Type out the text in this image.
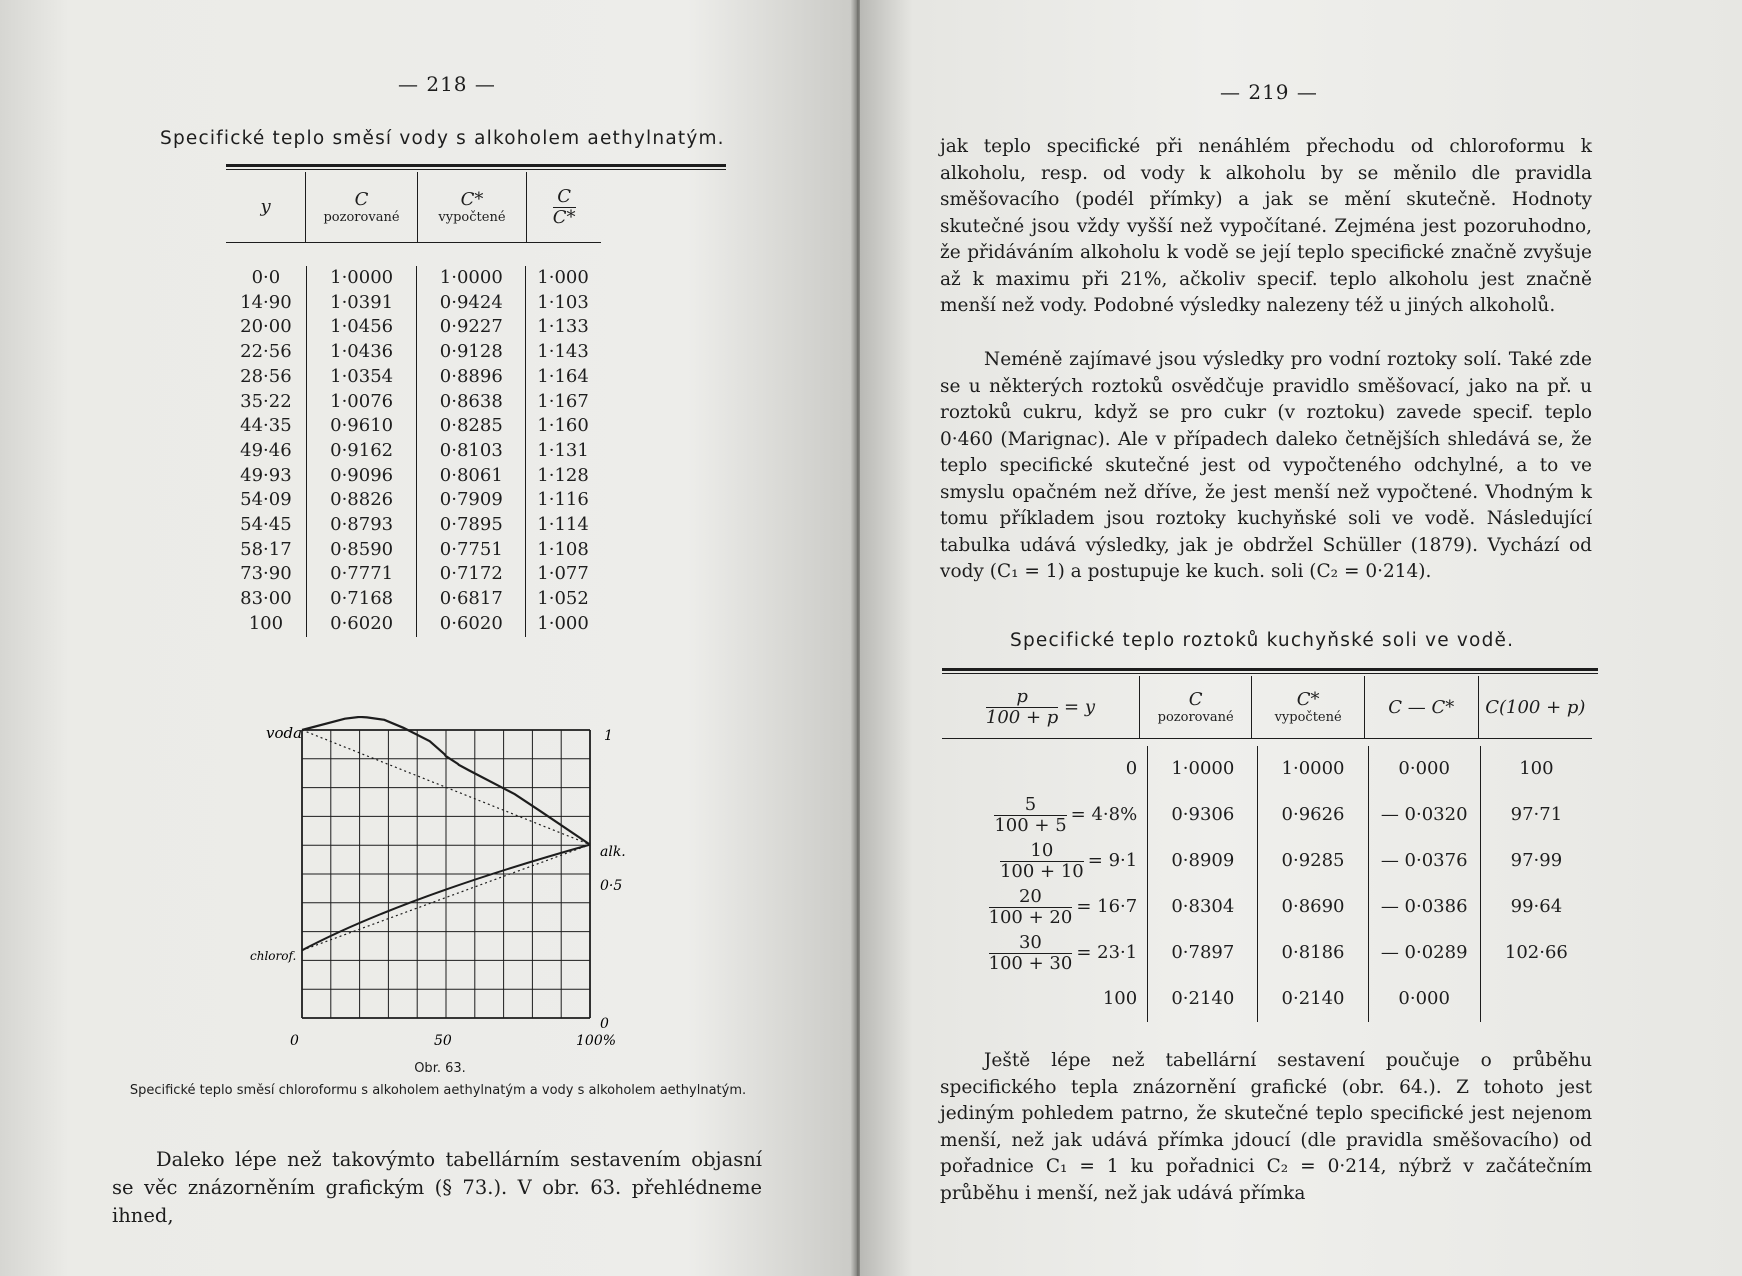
— 218 —
Specifické teplo směsí vody s alkoholem aethylnatým.
y	C
pozorované

C*
vypočtené	$\frac{C}{C*}$

0·0	1·0000	1·0000	1·000
14·90	1·0391	0·9424	1·103
20·00	1·0456	0·9227	1·133
22·56	1·0436	0·9128	1·143
28·56	1·0354	0·8896	1·164
35·22	1·0076	0·8638	1·167
44·35	0·9610	0·8285	1·160
49·46	0·9162	0·8103	1·131
49·93	0·9096	0·8061	1·128
54·09	0·8826	0·7909	1·116
54·45	0·8793	0·7895	1·114
58·17	0·8590	0·7751	1·108
73·90	0·7771	0·7172	1·077
83·00	0·7168	0·6817	1·052
100	0·6020	0·6020	1·000
voda
chlorof.
1
alk.
0·5
0
0	50	100%
Obr. 63.
Specifické teplo směsí chloroformu s alkoholem aethylnatým a vody s alkoholem aethylnatým.

Daleko lépe než takovýmto tabellárním sestavením objasní se věc znázorněním grafickým (§ 73.). V obr. 63. přehlédneme ihned,

— 219 —

jak teplo specifické při nenáhlém přechodu od chloroformu k alkoholu, resp. od vody k alkoholu by se měnilo dle pravidla směšovacího (podél přímky) a jak se mění skutečně. Hodnoty skutečné jsou vždy vyšší než vypočítané. Zejména jest pozoruhodno, že přidáváním alkoholu k vodě se její teplo specifické značně zvyšuje až k maximu při 21%, ačkoliv specif. teplo alkoholu jest značně menší než vody. Podobné výsledky nalezeny též u jiných alkoholů.

Neméně zajímavé jsou výsledky pro vodní roztoky solí. Také zde se u některých roztoků osvědčuje pravidlo směšovací, jako na př. u roztoků cukru, když se pro cukr (v roztoku) zavede specif. teplo 0·460 (Marignac). Ale v případech daleko četnějších shledává se, že teplo specifické skutečné jest od vypočteného odchylné, a to ve smyslu opačném než dříve, že jest menší než vypočtené. Vhodným k tomu příkladem jsou roztoky kuchyňské soli ve vodě. Následující tabulka udává výsledky, jak je obdržel Schüller (1879). Vychází od vody (C₁ = 1) a postupuje ke kuch. soli (C₂ = 0·214).

Specifické teplo roztoků kuchyňské soli ve vodě.
$\frac{p}{100 + p} = y$	C
pozorované

C*
vypočtené	C — C*	C(100 + p)
0	1·0000	1·0000	0·000	100

$\frac{5}{100 + 5} = 4\cdot 8\%$	0·9306	0·9626	— 0·0320	97·71

$\frac{10}{100 + 10} = 9\cdot 1$	0·8909	0·9285	— 0·0376	97·99

$\frac{20}{100 + 20} = 16\cdot 7$	0·8304	0·8690	— 0·0386	99·64

$\frac{30}{100 + 30} = 23\cdot 1$	0·7897	0·8186	— 0·0289	102·66
100	0·2140	0·2140	0·000	

Ještě lépe než tabellární sestavení poučuje o průběhu specifického tepla znázornění grafické (obr. 64.). Z tohoto jest jediným pohledem patrno, že skutečné teplo specifické jest nejenom menší, než jak udává přímka jdoucí (dle pravidla směšovacího) od pořadnice C₁ = 1 ku pořadnici C₂ = 0·214, nýbrž v začátečním průběhu i menší, než jak udává přímka
